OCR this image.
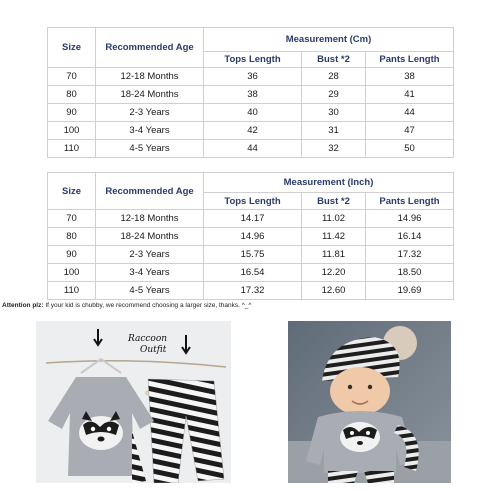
Size	Recommended Age	Measurement (Cm)		
		Tops Length	Bust *2	Pants Length
70	12-18 Months	36	28	38
80	18-24 Months	38	29	41
90	2-3 Years	40	30	44
100	3-4 Years	42	31	47
110	4-5 Years	44	32	50
Size	Recommended Age	Measurement (Inch)		
		Tops Length	Bust *2	Pants Length
70	12-18 Months	14.17	11.02	14.96
80	18-24 Months	14.96	11.42	16.14
90	2-3 Years	15.75	11.81	17.32
100	3-4 Years	16.54	12.20	18.50
110	4-5 Years	17.32	12.60	19.69
Attention plz: If your kid is chubby, we recommend choosing a larger size, thanks. ^_^
Raccoon
Outfit
